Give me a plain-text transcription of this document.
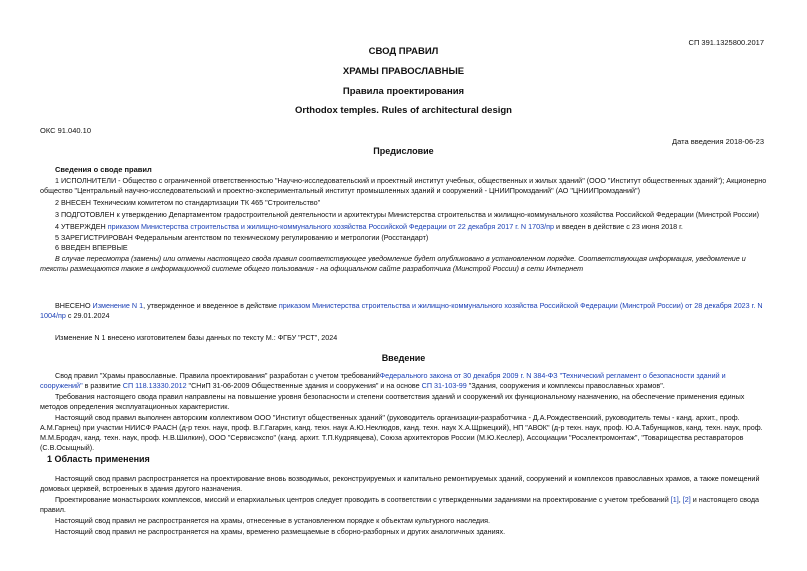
СП 391.1325800.2017
СВОД ПРАВИЛ
ХРАМЫ ПРАВОСЛАВНЫЕ
Правила проектирования
Orthodox temples. Rules of architectural design
ОКС 91.040.10
Дата введения 2018-06-23
Предисловие
Сведения о своде правил
1 ИСПОЛНИТЕЛИ - Общество с ограниченной ответственностью "Научно-исследовательский и проектный институт учебных, общественных и жилых зданий" (ООО "Институт общественных зданий"); Акционерно
общество "Центральный научно-исследовательский и проектно-экспериментальный институт промышленных зданий и сооружений - ЦНИИПромзданий" (АО "ЦНИИПромзданий")
2 ВНЕСЕН Техническим комитетом по стандартизации ТК 465 "Строительство"
3 ПОДГОТОВЛЕН к утверждению Департаментом градостроительной деятельности и архитектуры Министерства строительства и жилищно-коммунального хозяйства Российской Федерации (Минстрой России)
4 УТВЕРЖДЕН приказом Министерства строительства и жилищно-коммунального хозяйства Российской Федерации от 22 декабря 2017 г. N 1703/пр и введен в действие с 23 июня 2018 г.
5 ЗАРЕГИСТРИРОВАН Федеральным агентством по техническому регулированию и метрологии (Росстандарт)
6 ВВЕДЕН ВПЕРВЫЕ
В случае пересмотра (замены) или отмены настоящего свода правил соответствующее уведомление будет опубликовано в установленном порядке. Соответствующая информация, уведомление и тексты размещаются также в информационной системе общего пользования - на официальном сайте разработчика (Минстрой России) в сети Интернет
ВНЕСЕНО Изменение N 1, утвержденное и введенное в действие приказом Министерства строительства и жилищно-коммунального хозяйства Российской Федерации (Минстрой России) от 28 декабря 2023 г. N 1004/пр с 29.01.2024
Изменение N 1 внесено изготовителем базы данных по тексту М.: ФГБУ "РСТ", 2024
Введение
Свод правил "Храмы православные. Правила проектирования" разработан с учетом требованийФедерального закона от 30 декабря 2009 г. N 384-ФЗ "Технический регламент о безопасности зданий и сооружений" в развитие СП 118.13330.2012 "СНиП 31-06-2009 Общественные здания и сооружения" и на основе СП 31-103-99 "Здания, сооружения и комплексы православных храмов".
Требования настоящего свода правил направлены на повышение уровня безопасности и степени соответствия зданий и сооружений их функциональному назначению, на обеспечение применения единых методов определения эксплуатационных характеристик.
Настоящий свод правил выполнен авторским коллективом ООО "Институт общественных зданий" (руководитель организации-разработчика - Д.А.Рождественский, руководитель темы - канд. архит., проф. А.М.Гарнец) при участии НИИСФ РААСН (д-р техн. наук, проф. В.Г.Гагарин, канд. техн. наук А.Ю.Неклюдов, канд. техн. наук Х.А.Щржецкий), НП "АВОК" (д-р техн. наук, проф. Ю.А.Табунщиков, канд. техн. наук, проф. М.М.Бродач, канд. техн. наук, проф. Н.В.Шилкин), ООО "Сервисэкспо" (канд. архит. Т.П.Кудрявцева), Союза архитекторов России (М.Ю.Кеслер), Ассоциации "Росэлектромонтаж", "Товарищества реставраторов (С.В.Осыщный).
1 Область применения
Настоящий свод правил распространяется на проектирование вновь возводимых, реконструируемых и капитально ремонтируемых зданий, сооружений и комплексов православных храмов, а также помещений домовых церквей, встроенных в здания другого назначения.
Проектирование монастырских комплексов, миссий и епархиальных центров следует проводить в соответствии с утвержденными заданиями на проектирование с учетом требований [1], [2] и настоящего свода правил.
Настоящий свод правил не распространяется на храмы, отнесенные в установленном порядке к объектам культурного наследия.
Настоящий свод правил не распространяется на храмы, временно размещаемые в сборно-разборных и других аналогичных зданиях.
